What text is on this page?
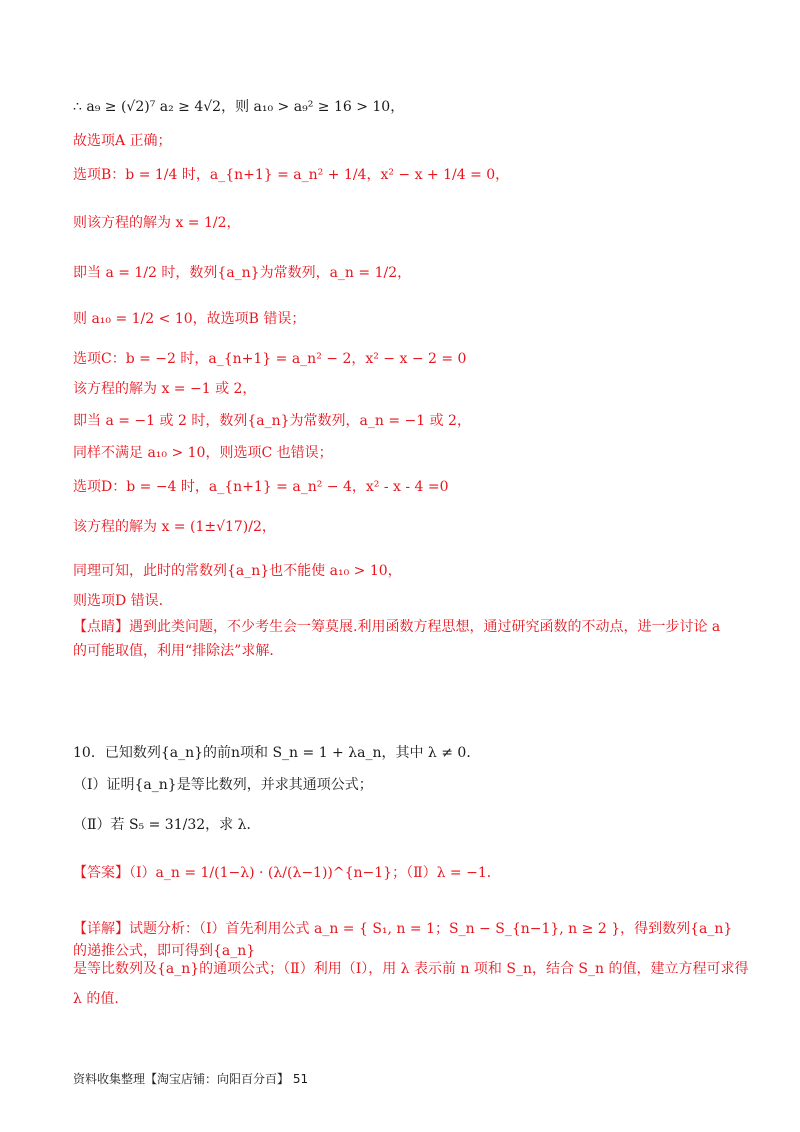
∴ a₉ ≥ (√2)⁷ a₂ ≥ 4√2，则 a₁₀ > a₉² ≥ 16 > 10，
故选项A 正确；
选项B：b = 1/4 时，a_{n+1} = a_n² + 1/4，x² − x + 1/4 = 0，
则该方程的解为 x = 1/2，
即当 a = 1/2 时，数列{a_n}为常数列，a_n = 1/2，
则 a₁₀ = 1/2 < 10，故选项B 错误；
选项C：b = −2 时，a_{n+1} = a_n² − 2，x² − x − 2 = 0
该方程的解为 x = −1 或 2，
即当 a = −1 或 2 时，数列{a_n}为常数列，a_n = −1 或 2，
同样不满足 a₁₀ > 10，则选项C 也错误；
选项D：b = −4 时，a_{n+1} = a_n² − 4，x² - x - 4 =0
该方程的解为 x = (1±√17)/2，
同理可知，此时的常数列{a_n}也不能使 a₁₀ > 10，
则选项D 错误.
【点睛】遇到此类问题，不少考生会一筹莫展.利用函数方程思想，通过研究函数的不动点，进一步讨论 a
的可能取值，利用“排除法”求解.
10．已知数列{a_n}的前n项和 S_n = 1 + λa_n，其中 λ ≠ 0．
（Ⅰ）证明{a_n}是等比数列，并求其通项公式；
（Ⅱ）若 S₅ = 31/32，求 λ．
【答案】（Ⅰ）a_n = 1/(1−λ) · (λ/(λ−1))^{n−1}；（Ⅱ）λ = −1．
【详解】试题分析：（Ⅰ）首先利用公式 a_n = { S₁, n = 1；S_n − S_{n−1}, n ≥ 2 }，得到数列{a_n}的递推公式，即可得到{a_n}
是等比数列及{a_n}的通项公式；（Ⅱ）利用（Ⅰ），用 λ 表示前 n 项和 S_n，结合 S_n 的值，建立方程可求得
λ 的值.
资料收集整理【淘宝店铺：向阳百分百】 51
